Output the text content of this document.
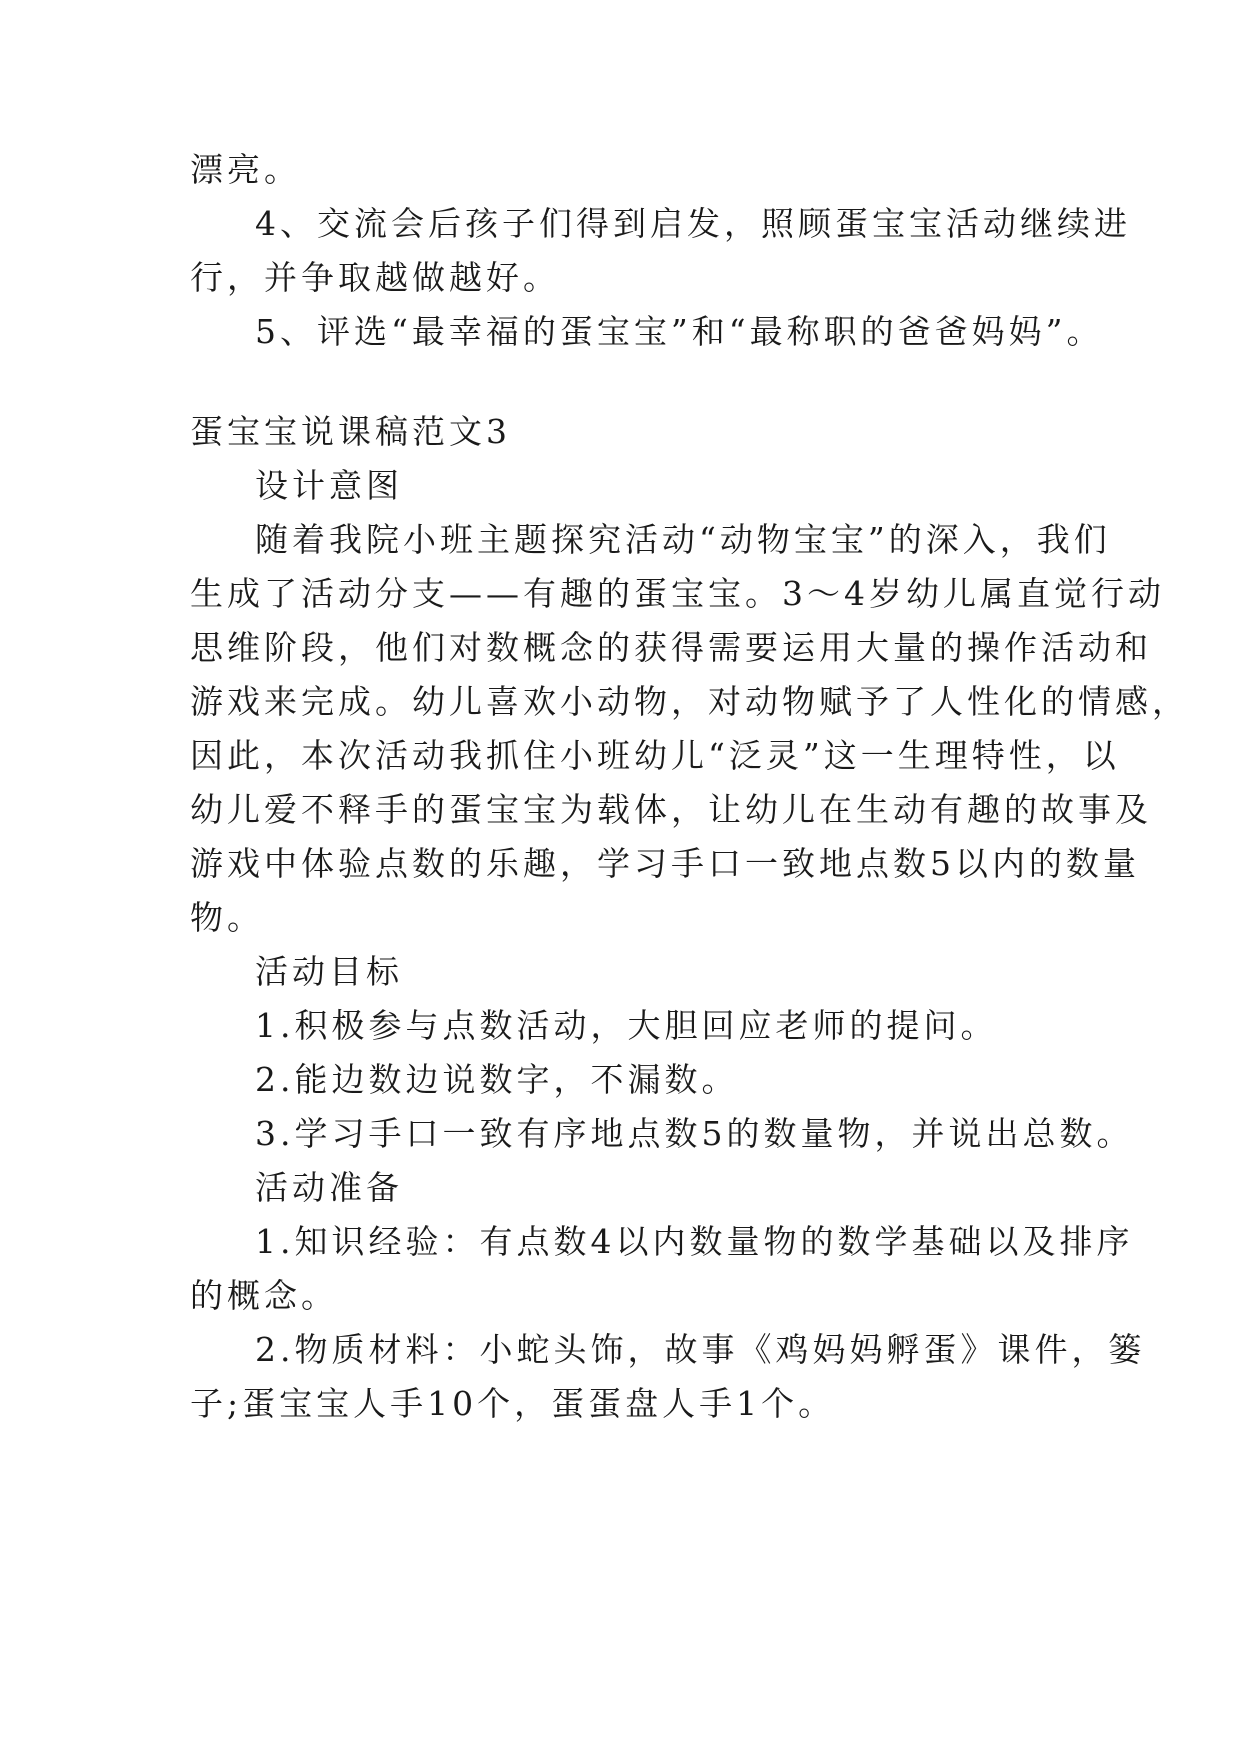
漂亮。
4、交流会后孩子们得到启发，照顾蛋宝宝活动继续进
行，并争取越做越好。
5、评选“最幸福的蛋宝宝”和“最称职的爸爸妈妈”。
蛋宝宝说课稿范文3
设计意图
随着我院小班主题探究活动“动物宝宝”的深入，我们
生成了活动分支——有趣的蛋宝宝。3～4岁幼儿属直觉行动
思维阶段，他们对数概念的获得需要运用大量的操作活动和
游戏来完成。幼儿喜欢小动物，对动物赋予了人性化的情感，
因此，本次活动我抓住小班幼儿“泛灵”这一生理特性，以
幼儿爱不释手的蛋宝宝为载体，让幼儿在生动有趣的故事及
游戏中体验点数的乐趣，学习手口一致地点数5以内的数量
物。
活动目标
1.积极参与点数活动，大胆回应老师的提问。
2.能边数边说数字，不漏数。
3.学习手口一致有序地点数5的数量物，并说出总数。
活动准备
1.知识经验：有点数4以内数量物的数学基础以及排序
的概念。
2.物质材料：小蛇头饰，故事《鸡妈妈孵蛋》课件，篓
子;蛋宝宝人手10个，蛋蛋盘人手1个。
